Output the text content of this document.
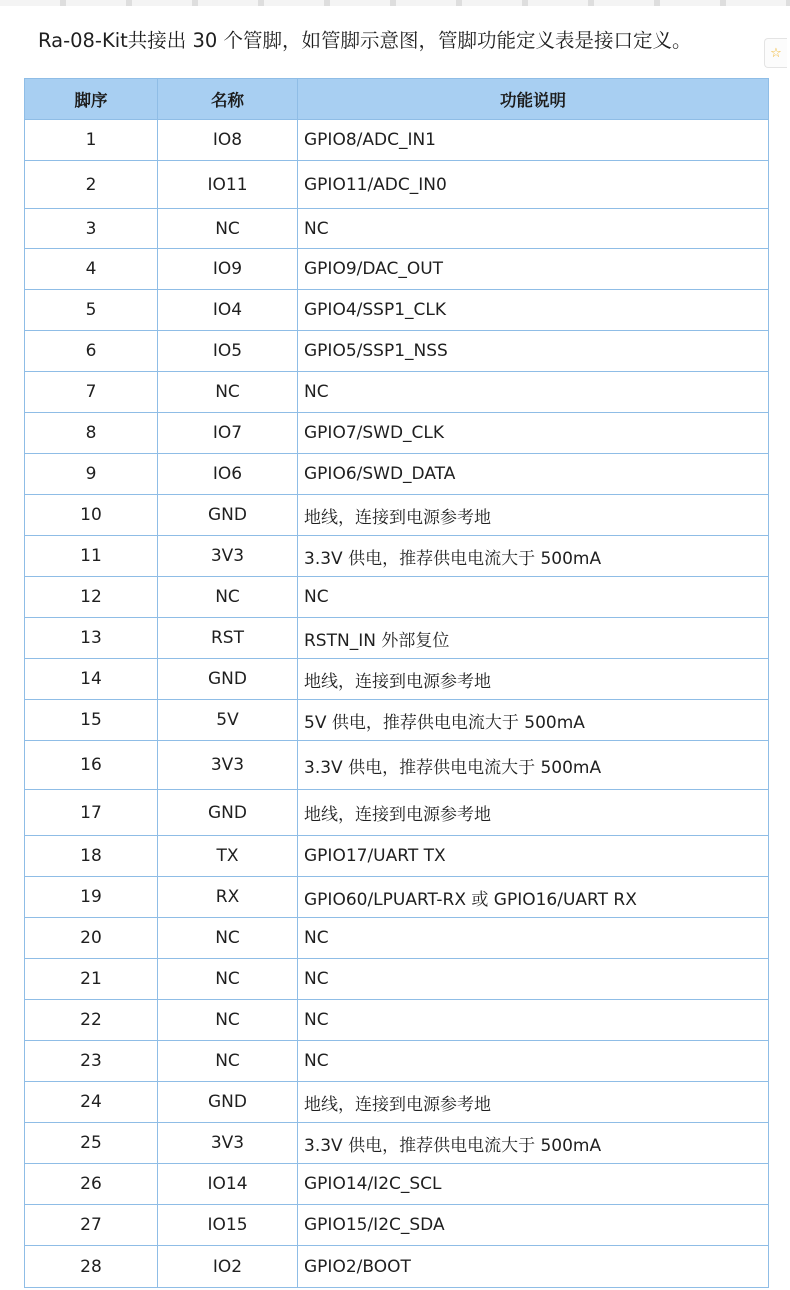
Ra-08-Kit共接出 30 个管脚，如管脚示意图，管脚功能定义表是接口定义。
☆
脚序	名称	功能说明
1	IO8	GPIO8/ADC_IN1
2	IO11	GPIO11/ADC_IN0
3	NC	NC
4	IO9	GPIO9/DAC_OUT
5	IO4	GPIO4/SSP1_CLK
6	IO5	GPIO5/SSP1_NSS
7	NC	NC
8	IO7	GPIO7/SWD_CLK
9	IO6	GPIO6/SWD_DATA
10	GND	地线，连接到电源参考地
11	3V3	3.3V 供电，推荐供电电流大于 500mA
12	NC	NC
13	RST	RSTN_IN 外部复位
14	GND	地线，连接到电源参考地
15	5V	5V 供电，推荐供电电流大于 500mA
16	3V3	3.3V 供电，推荐供电电流大于 500mA
17	GND	地线，连接到电源参考地
18	TX	GPIO17/UART TX
19	RX	GPIO60/LPUART-RX 或 GPIO16/UART RX
20	NC	NC
21	NC	NC
22	NC	NC
23	NC	NC
24	GND	地线，连接到电源参考地
25	3V3	3.3V 供电，推荐供电电流大于 500mA
26	IO14	GPIO14/I2C_SCL
27	IO15	GPIO15/I2C_SDA
28	IO2	GPIO2/BOOT
